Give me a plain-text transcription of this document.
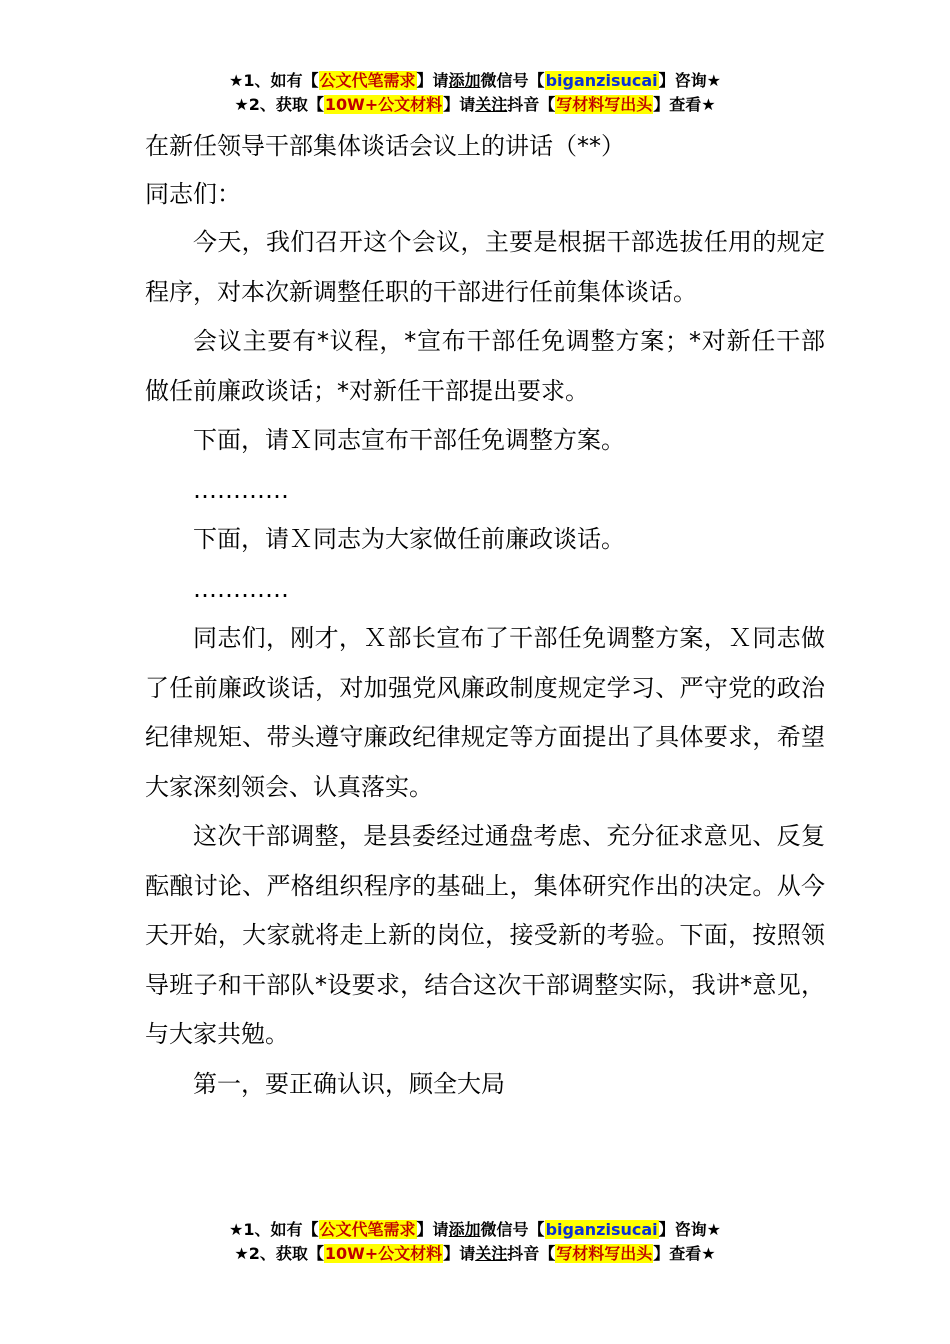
★1、如有【公文代笔需求】请添加微信号【biganzisucai】咨询★
★2、获取【10W+公文材料】请关注抖音【写材料写出头】查看★
在新任领导干部集体谈话会议上的讲话（**）
同志们：

今天，我们召开这个会议，主要是根据干部选拔任用的规定程序，对本次新调整任职的干部进行任前集体谈话。

会议主要有*议程，*宣布干部任免调整方案；*对新任干部做任前廉政谈话；*对新任干部提出要求。

下面，请Ｘ同志宣布干部任免调整方案。

…………

下面，请Ｘ同志为大家做任前廉政谈话。

…………

同志们，刚才，Ｘ部长宣布了干部任免调整方案，Ｘ同志做了任前廉政谈话，对加强党风廉政制度规定学习、严守党的政治纪律规矩、带头遵守廉政纪律规定等方面提出了具体要求，希望大家深刻领会、认真落实。

这次干部调整，是县委经过通盘考虑、充分征求意见、反复酝酿讨论、严格组织程序的基础上，集体研究作出的决定。从今天开始，大家就将走上新的岗位，接受新的考验。下面，按照领导班子和干部队*设要求，结合这次干部调整实际，我讲*意见，与大家共勉。

第一，要正确认识，顾全大局

★1、如有【公文代笔需求】请添加微信号【biganzisucai】咨询★
★2、获取【10W+公文材料】请关注抖音【写材料写出头】查看★
